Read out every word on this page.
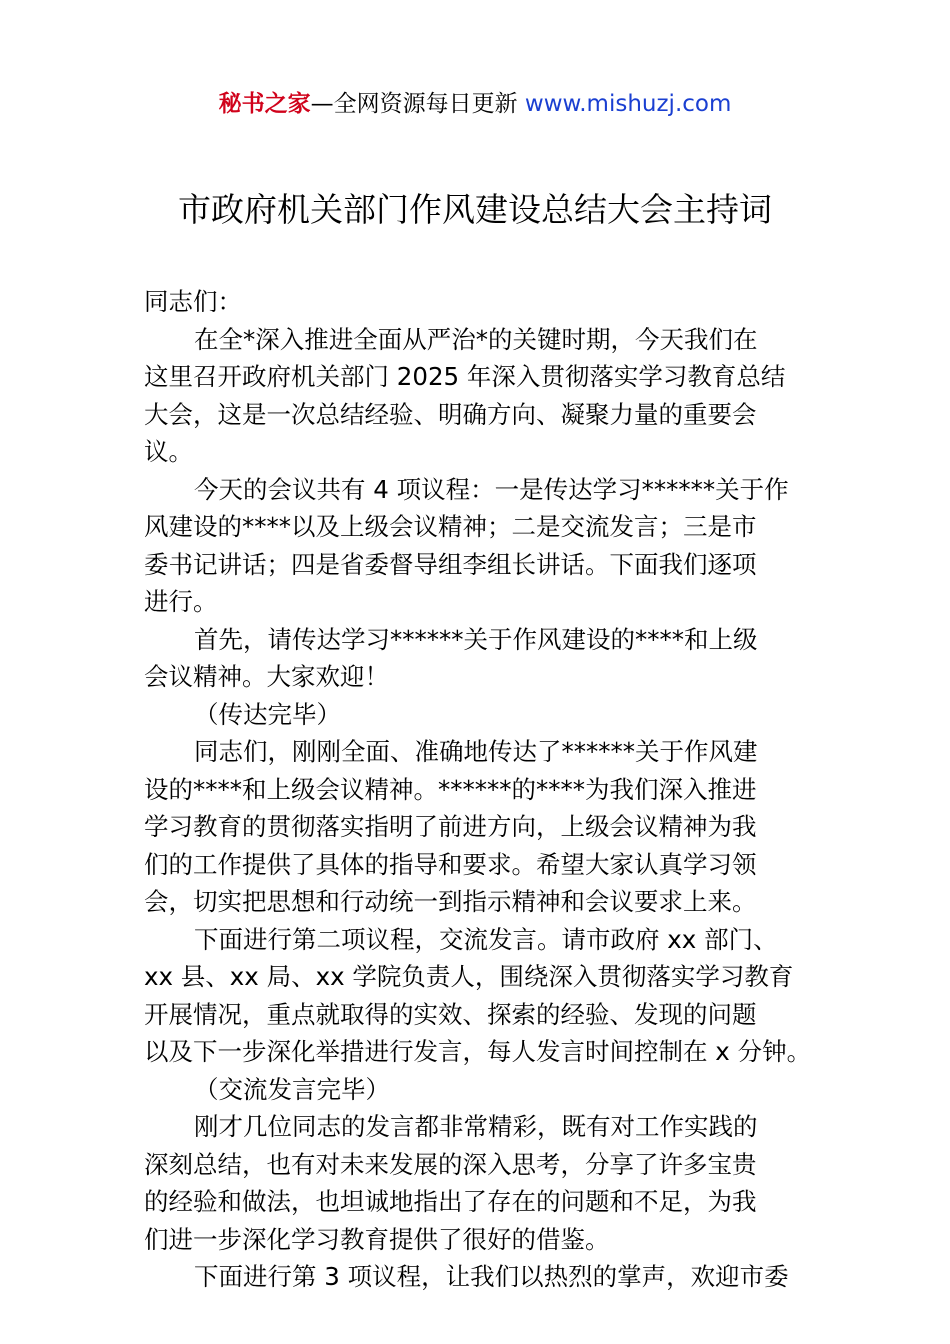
秘书之家—全网资源每日更新 www.mishuzj.com
市政府机关部门作风建设总结大会主持词
同志们：
在全*深入推进全面从严治*的关键时期，今天我们在
这里召开政府机关部门 2025 年深入贯彻落实学习教育总结
大会，这是一次总结经验、明确方向、凝聚力量的重要会
议。
今天的会议共有 4 项议程：一是传达学习******关于作
风建设的****以及上级会议精神；二是交流发言；三是市
委书记讲话；四是省委督导组李组长讲话。下面我们逐项
进行。
首先，请传达学习******关于作风建设的****和上级
会议精神。大家欢迎！
（传达完毕）
同志们，刚刚全面、准确地传达了******关于作风建
设的****和上级会议精神。******的****为我们深入推进
学习教育的贯彻落实指明了前进方向，上级会议精神为我
们的工作提供了具体的指导和要求。希望大家认真学习领
会，切实把思想和行动统一到指示精神和会议要求上来。
下面进行第二项议程，交流发言。请市政府 xx 部门、
xx 县、xx 局、xx 学院负责人，围绕深入贯彻落实学习教育
开展情况，重点就取得的实效、探索的经验、发现的问题
以及下一步深化举措进行发言，每人发言时间控制在 x 分钟。
（交流发言完毕）
刚才几位同志的发言都非常精彩，既有对工作实践的
深刻总结，也有对未来发展的深入思考，分享了许多宝贵
的经验和做法，也坦诚地指出了存在的问题和不足，为我
们进一步深化学习教育提供了很好的借鉴。
下面进行第 3 项议程，让我们以热烈的掌声，欢迎市委
